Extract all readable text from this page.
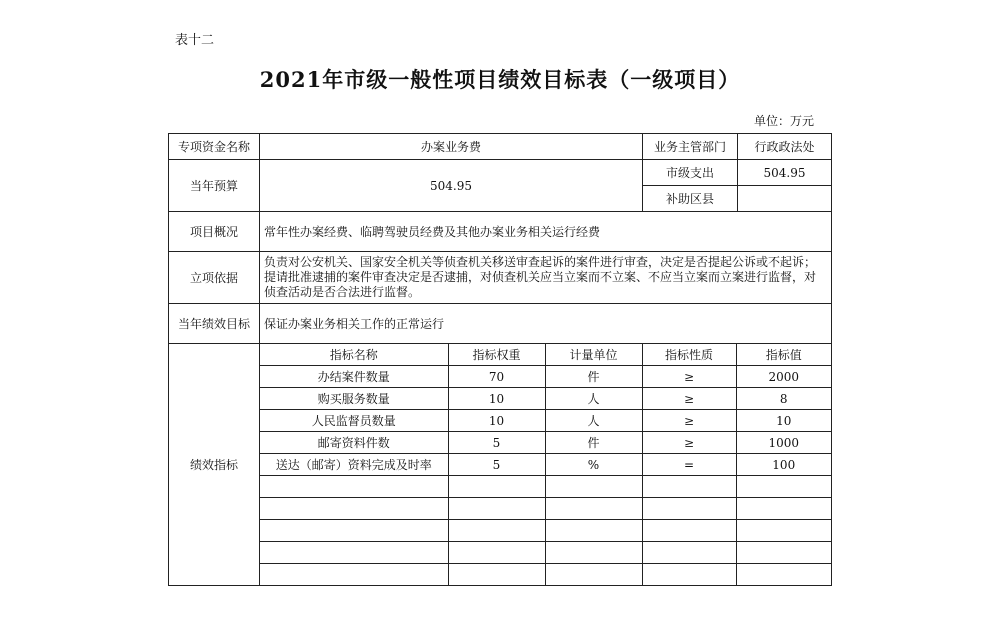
表十二
2021年市级一般性项目绩效目标表（一级项目）
单位：万元
专项资金名称	办案业务费	业务主管部门	行政政法处
当年预算	504.95	市级支出	504.95
补助区县	
项目概况	常年性办案经费、临聘驾驶员经费及其他办案业务相关运行经费
立项依据	负责对公安机关、国家安全机关等侦查机关移送审查起诉的案件进行审查，决定是否提起公诉或不起诉；提请批准逮捕的案件审查决定是否逮捕，对侦查机关应当立案而不立案、不应当立案而立案进行监督，对侦查活动是否合法进行监督。
当年绩效目标	保证办案业务相关工作的正常运行
绩效指标	
指标名称	指标权重	计量单位	指标性质	指标值
办结案件数量	70	件	≥	2000
购买服务数量	10	人	≥	8
人民监督员数量	10	人	≥	10
邮寄资料件数	5	件	≥	1000
送达（邮寄）资料完成及时率	5	%	=	100
